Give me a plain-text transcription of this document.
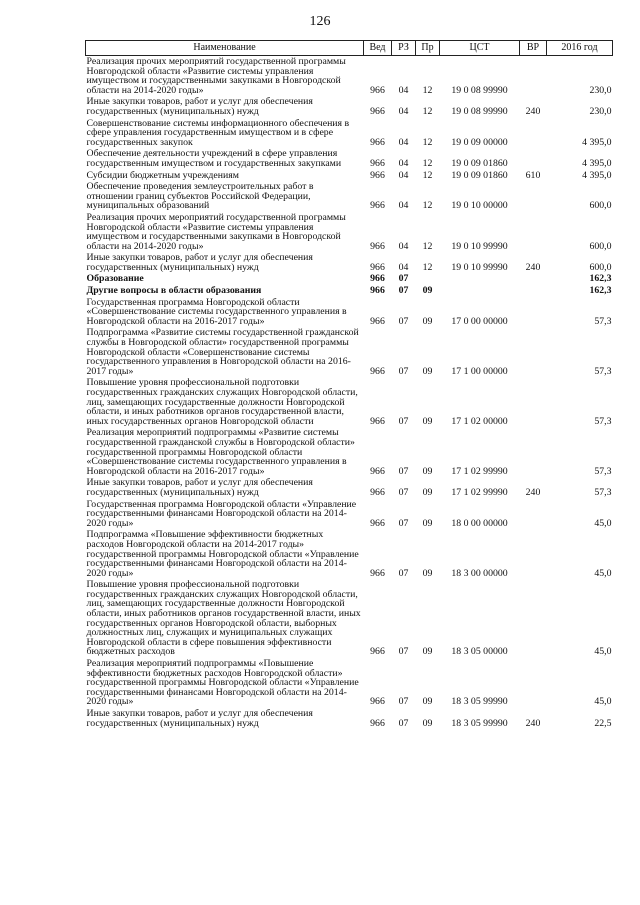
126
Наименование	Вед	РЗ	Пр	ЦСТ	ВР	2016 год
Реализация прочих мероприятий государственной программы Новгородской области «Развитие системы управления имуществом и государственными закупками в Новгородской области на 2014-2020 годы»	966	04	12	19 0 08 99990		230,0
Иные закупки товаров, работ и услуг для обеспечения государственных (муниципальных) нужд	966	04	12	19 0 08 99990	240	230,0
Совершенствование системы информационного обеспечения в сфере управления государственным имуществом и в сфере государственных закупок	966	04	12	19 0 09 00000		4 395,0
Обеспечение деятельности учреждений в сфере управления государственным имуществом и государственных закупками	966	04	12	19 0 09 01860		4 395,0
Субсидии бюджетным учреждениям	966	04	12	19 0 09 01860	610	4 395,0
Обеспечение проведения землеустроительных работ в отношении границ субъектов Российской Федерации, муниципальных образований	966	04	12	19 0 10 00000		600,0
Реализация прочих мероприятий государственной программы Новгородской области «Развитие системы управления имуществом и государственными закупками в Новгородской области на 2014-2020 годы»	966	04	12	19 0 10 99990		600,0
Иные закупки товаров, работ и услуг для обеспечения государственных (муниципальных) нужд	966	04	12	19 0 10 99990	240	600,0
Образование	966	07				162,3
Другие вопросы в области образования	966	07	09			162,3
Государственная программа Новгородской области «Совершенствование системы государственного управления в Новгородской области на 2016-2017 годы»	966	07	09	17 0 00 00000		57,3
Подпрограмма «Развитие системы государственной гражданской службы в Новгородской области» государственной программы Новгородской области «Совершенствование системы государственного управления в Новгородской области на 2016-2017 годы»	966	07	09	17 1 00 00000		57,3
Повышение уровня профессиональной подготовки государственных гражданских служащих Новгородской области, лиц, замещающих государственные должности Новгородской области, и иных работников органов государственной власти, иных государственных органов Новгородской области	966	07	09	17 1 02 00000		57,3
Реализация мероприятий подпрограммы «Развитие системы государственной гражданской службы в Новгородской области» государственной программы Новгородской области «Совершенствование системы государственного управления в Новгородской области на 2016-2017 годы»	966	07	09	17 1 02 99990		57,3
Иные закупки товаров, работ и услуг для обеспечения государственных (муниципальных) нужд	966	07	09	17 1 02 99990	240	57,3
Государственная программа Новгородской области «Управление государственными финансами Новгородской области на 2014-2020 годы»	966	07	09	18 0 00 00000		45,0
Подпрограмма «Повышение эффективности бюджетных расходов Новгородской области на 2014-2017 годы» государственной программы Новгородской области «Управление государственными финансами Новгородской области на 2014-2020 годы»	966	07	09	18 3 00 00000		45,0
Повышение уровня профессиональной подготовки государственных гражданских служащих Новгородской области, лиц, замещающих государственные должности Новгородской области, иных работников органов государственной власти, иных государственных органов Новгородской области, выборных должностных лиц, служащих и муниципальных служащих Новгородской области в сфере повышения эффективности бюджетных расходов	966	07	09	18 3 05 00000		45,0
Реализация мероприятий подпрограммы «Повышение эффективности бюджетных расходов Новгородской области» государственной программы Новгородской области «Управление государственными финансами Новгородской области на 2014-2020 годы»	966	07	09	18 3 05 99990		45,0
Иные закупки товаров, работ и услуг для обеспечения государственных (муниципальных) нужд	966	07	09	18 3 05 99990	240	22,5
